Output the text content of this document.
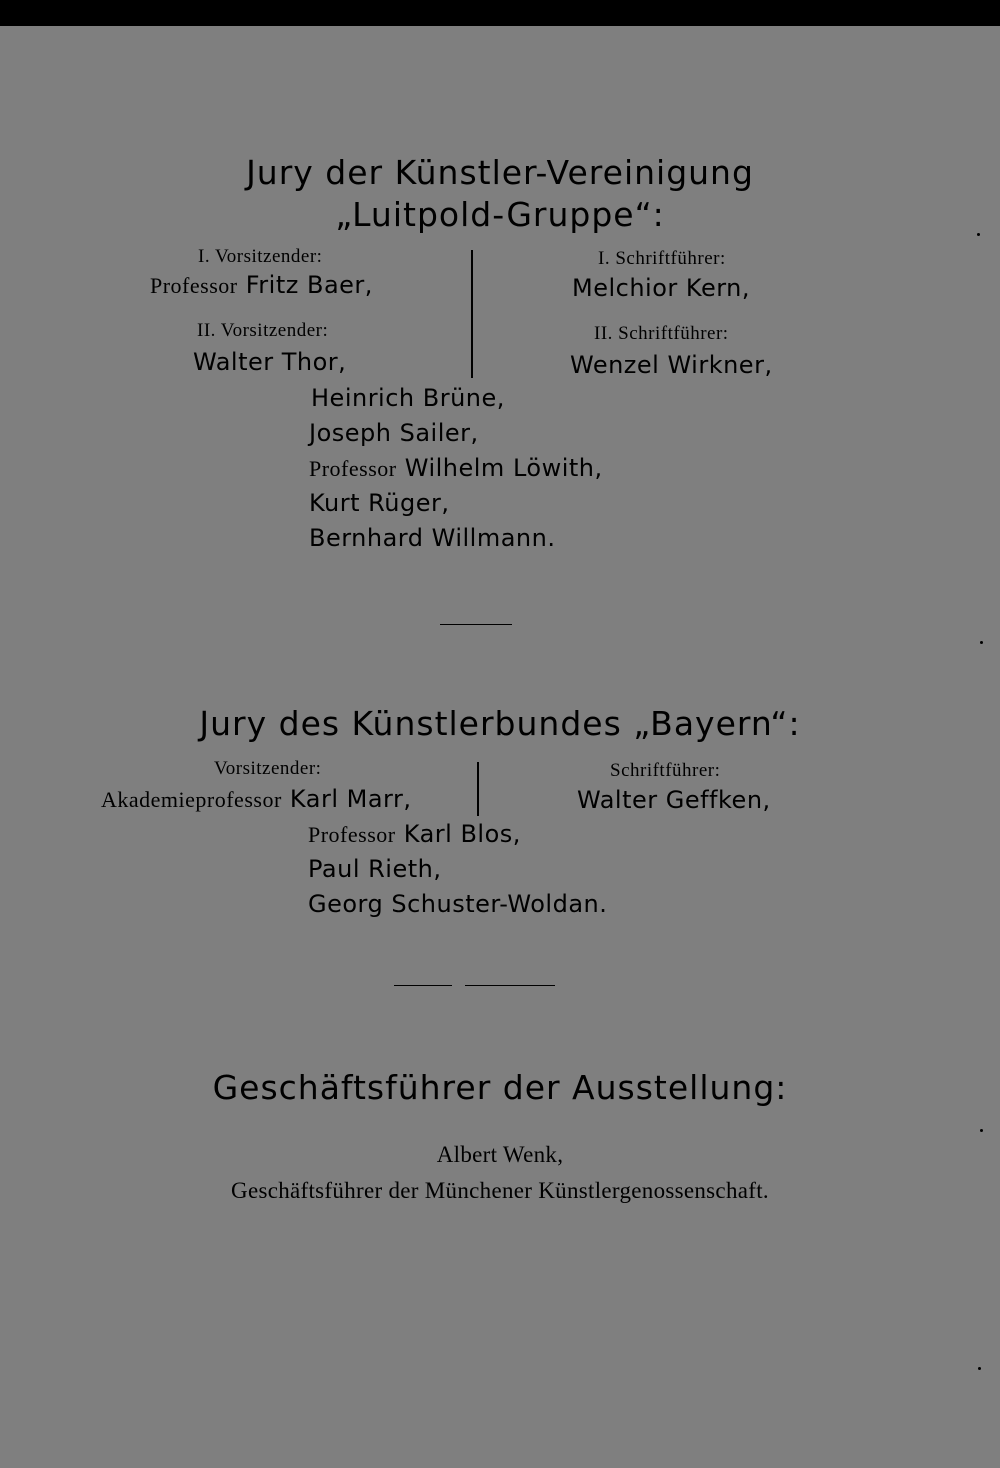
Jury der Künstler-Vereinigung
„Luitpold-Gruppe“:
I. Vorsitzender:
Professor Fritz Baer,
II. Vorsitzender:
Walter Thor,
I. Schriftführer:
Melchior Kern,
II. Schriftführer:
Wenzel Wirkner,
Heinrich Brüne,
Joseph Sailer,
Professor Wilhelm Löwith,
Kurt Rüger,
Bernhard Willmann.
Jury des Künstlerbundes „Bayern“:
Vorsitzender:
Akademieprofessor Karl Marr,
Schriftführer:
Walter Geffken,
Professor Karl Blos,
Paul Rieth,
Georg Schuster-Woldan.
Geschäftsführer der Ausstellung:
Albert Wenk,
Geschäftsführer der Münchener Künstlergenossenschaft.
